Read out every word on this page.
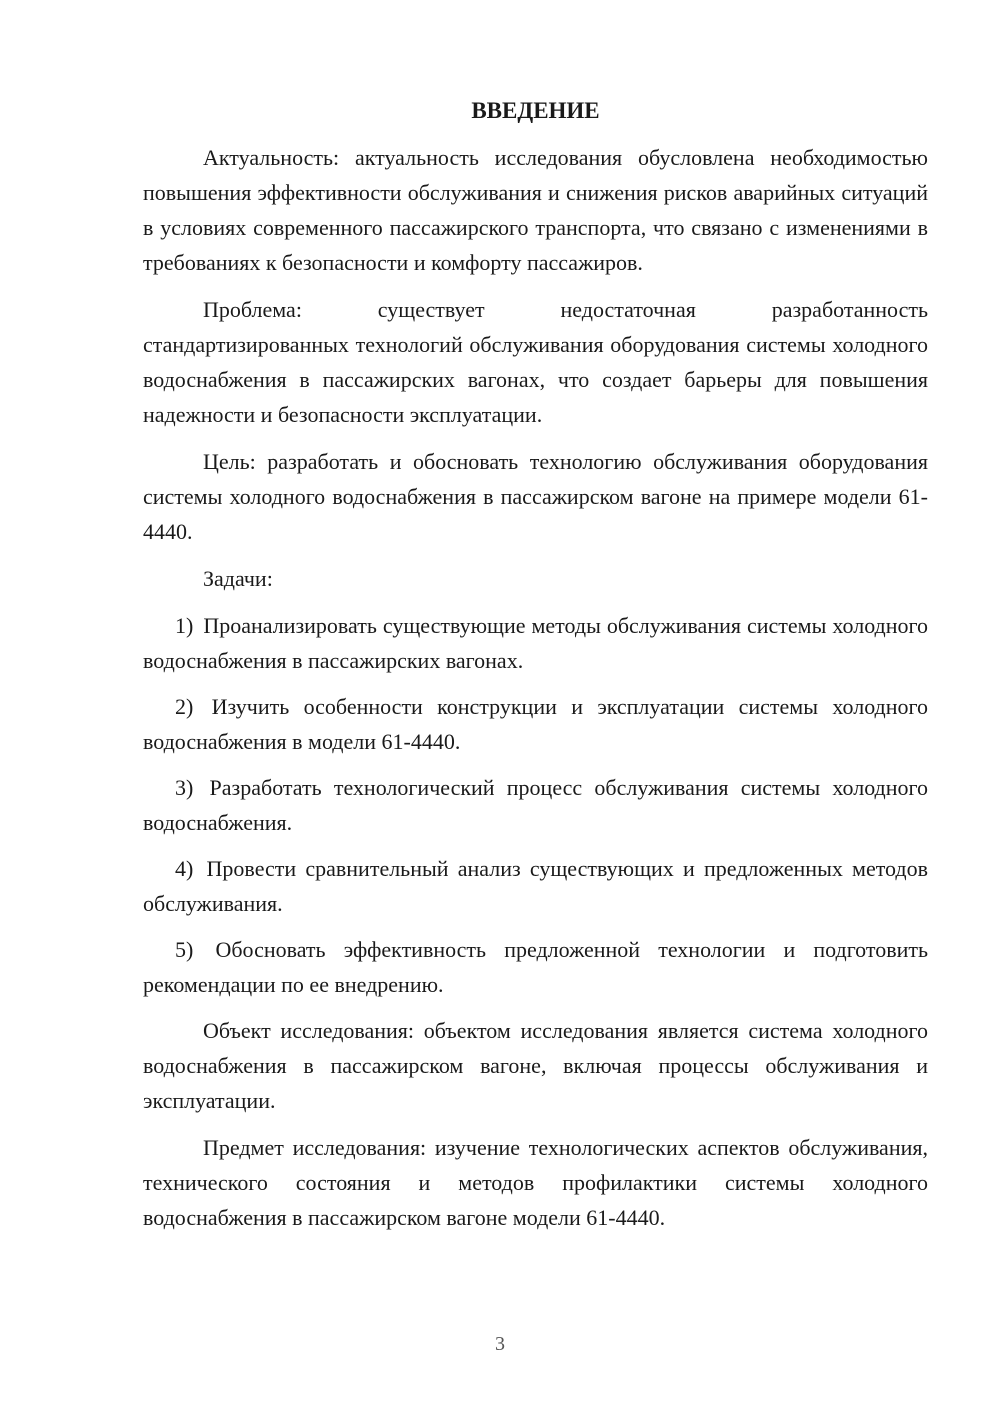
ВВЕДЕНИЕ

Актуальность: актуальность исследования обусловлена необходимостью повышения эффективности обслуживания и снижения рисков аварийных ситуаций в условиях современного пассажирского транспорта, что связано с изменениями в требованиях к безопасности и комфорту пассажиров.

Проблема: существует недостаточная разработанность стандартизированных технологий обслуживания оборудования системы холодного водоснабжения в пассажирских вагонах, что создает барьеры для повышения надежности и безопасности эксплуатации.

Цель: разработать и обосновать технологию обслуживания оборудования системы холодного водоснабжения в пассажирском вагоне на примере модели 61-4440.

Задачи:

1) Проанализировать существующие методы обслуживания системы холодного водоснабжения в пассажирских вагонах.

2) Изучить особенности конструкции и эксплуатации системы холодного водоснабжения в модели 61-4440.

3) Разработать технологический процесс обслуживания системы холодного водоснабжения.

4) Провести сравнительный анализ существующих и предложенных методов обслуживания.

5) Обосновать эффективность предложенной технологии и подготовить рекомендации по ее внедрению.

Объект исследования: объектом исследования является система холодного водоснабжения в пассажирском вагоне, включая процессы обслуживания и эксплуатации.

Предмет исследования: изучение технологических аспектов обслуживания, технического состояния и методов профилактики системы холодного водоснабжения в пассажирском вагоне модели 61-4440.

3
